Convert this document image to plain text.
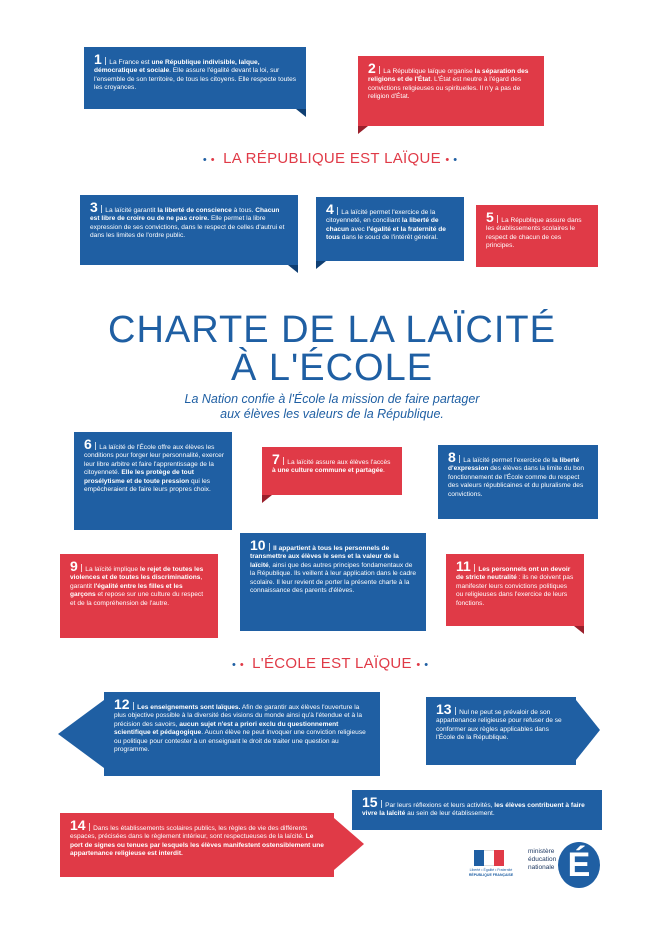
1 La France est une République indivisible, laïque, démocratique et sociale. Elle assure l'égalité devant la loi, sur l'ensemble de son territoire, de tous les citoyens. Elle respecte toutes les croyances.
2 La République laïque organise la séparation des religions et de l'État. L'État est neutre à l'égard des convictions religieuses ou spirituelles. Il n'y a pas de religion d'État.
•• LA RÉPUBLIQUE EST LAÏQUE ••
3 La laïcité garantit la liberté de conscience à tous. Chacun est libre de croire ou de ne pas croire. Elle permet la libre expression de ses convictions, dans le respect de celles d'autrui et dans les limites de l'ordre public.
4 La laïcité permet l'exercice de la citoyenneté, en conciliant la liberté de chacun avec l'égalité et la fraternité de tous dans le souci de l'intérêt général.
5 La République assure dans les établissements scolaires le respect de chacun de ces principes.
CHARTE DE LA LAÏCITÉ
À L'ÉCOLE
La Nation confie à l'École la mission de faire partager
aux élèves les valeurs de la République.
6 La laïcité de l'École offre aux élèves les conditions pour forger leur personnalité, exercer leur libre arbitre et faire l'apprentissage de la citoyenneté. Elle les protège de tout prosélytisme et de toute pression qui les empêcheraient de faire leurs propres choix.
7 La laïcité assure aux élèves l'accès à une culture commune et partagée.
8 La laïcité permet l'exercice de la liberté d'expression des élèves dans la limite du bon fonctionnement de l'École comme du respect des valeurs républicaines et du pluralisme des convictions.
9 La laïcité implique le rejet de toutes les violences et de toutes les discriminations, garantit l'égalité entre les filles et les garçons et repose sur une culture du respect et de la compréhension de l'autre.
10 Il appartient à tous les personnels de transmettre aux élèves le sens et la valeur de la laïcité, ainsi que des autres principes fondamentaux de la République. Ils veillent à leur application dans le cadre scolaire. Il leur revient de porter la présente charte à la connaissance des parents d'élèves.
11 Les personnels ont un devoir de stricte neutralité : ils ne doivent pas manifester leurs convictions politiques ou religieuses dans l'exercice de leurs fonctions.
•• L'ÉCOLE EST LAÏQUE ••
12 Les enseignements sont laïques. Afin de garantir aux élèves l'ouverture la plus objective possible à la diversité des visions du monde ainsi qu'à l'étendue et à la précision des savoirs, aucun sujet n'est a priori exclu du questionnement scientifique et pédagogique. Aucun élève ne peut invoquer une conviction religieuse ou politique pour contester à un enseignant le droit de traiter une question au programme.
13 Nul ne peut se prévaloir de son appartenance religieuse pour refuser de se conformer aux règles applicables dans l'École de la République.
15 Par leurs réflexions et leurs activités, les élèves contribuent à faire vivre la laïcité au sein de leur établissement.
14 Dans les établissements scolaires publics, les règles de vie des différents espaces, précisées dans le règlement intérieur, sont respectueuses de la laïcité. Le port de signes ou tenues par lesquels les élèves manifestent ostensiblement une appartenance religieuse est interdit.
Liberté • Égalité • Fraternité
RÉPUBLIQUE FRANÇAISE
ministère
éducation
nationale É
